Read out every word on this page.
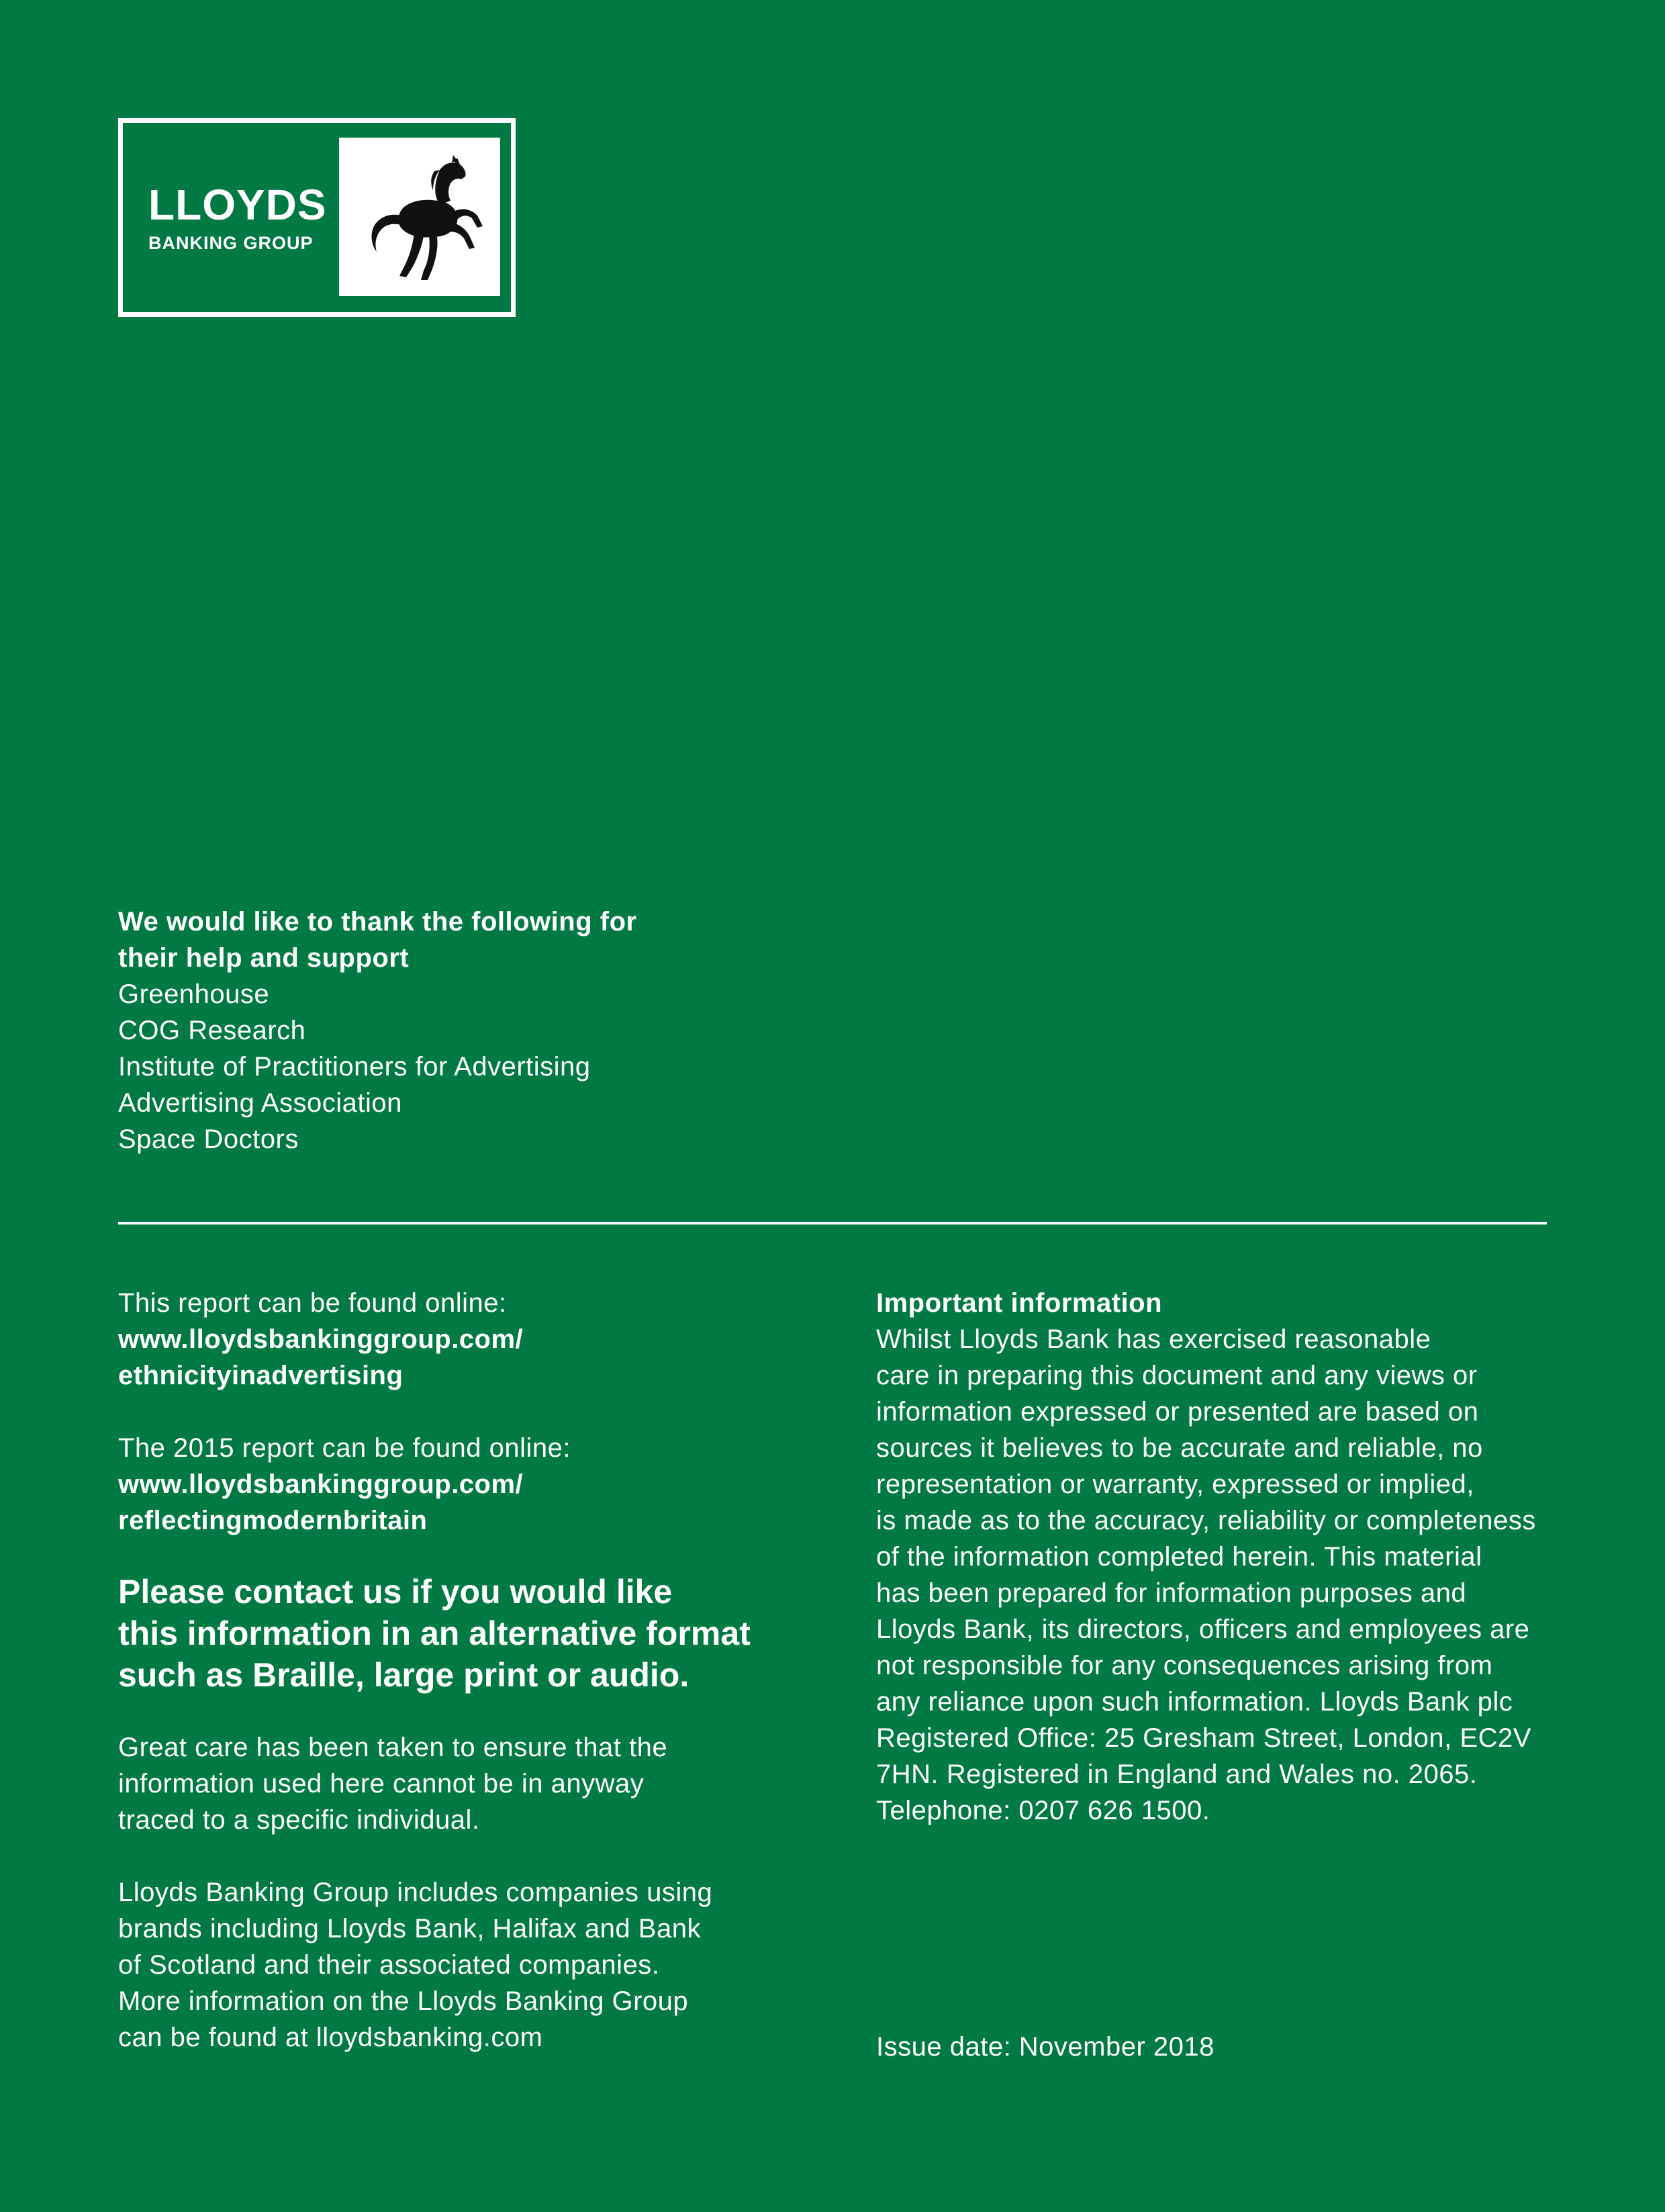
LLOYDS
BANKING GROUP
We would like to thank the following for
their help and support
Greenhouse
COG Research
Institute of Practitioners for Advertising
Advertising Association
Space Doctors
This report can be found online:
www.lloydsbankinggroup.com/
ethnicityinadvertising
The 2015 report can be found online:
www.lloydsbankinggroup.com/
reflectingmodernbritain
Please contact us if you would like
this information in an alternative format
such as Braille, large print or audio.
Great care has been taken to ensure that the
information used here cannot be in anyway
traced to a specific individual.
Lloyds Banking Group includes companies using
brands including Lloyds Bank, Halifax and Bank
of Scotland and their associated companies.
More information on the Lloyds Banking Group
can be found at lloydsbanking.com
Important information
Whilst Lloyds Bank has exercised reasonable
care in preparing this document and any views or
information expressed or presented are based on
sources it believes to be accurate and reliable, no
representation or warranty, expressed or implied,
is made as to the accuracy, reliability or completeness
of the information completed herein. This material
has been prepared for information purposes and
Lloyds Bank, its directors, officers and employees are
not responsible for any consequences arising from
any reliance upon such information. Lloyds Bank plc
Registered Office: 25 Gresham Street, London, EC2V
7HN. Registered in England and Wales no. 2065.
Telephone: 0207 626 1500.
Issue date: November 2018
